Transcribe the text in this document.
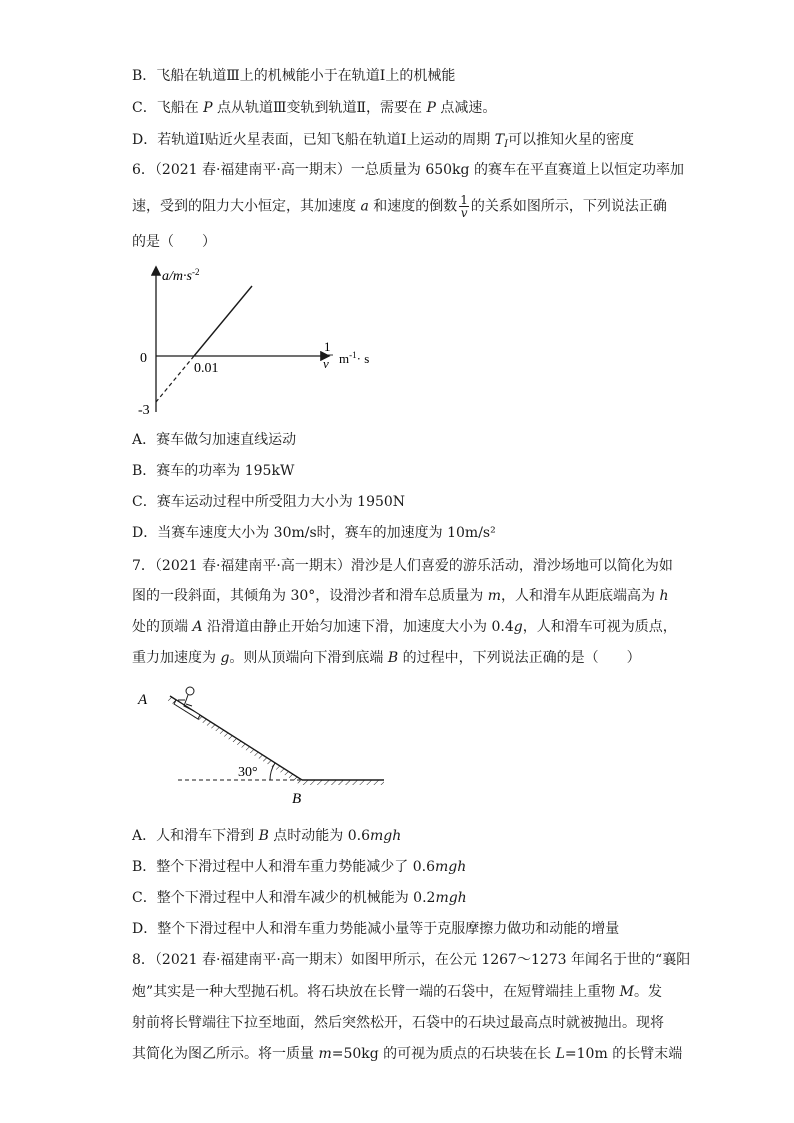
B．飞船在轨道Ⅲ上的机械能小于在轨道Ⅰ上的机械能
C．飞船在 P 点从轨道Ⅲ变轨到轨道Ⅱ，需要在 P 点减速。
D．若轨道Ⅰ贴近火星表面，已知飞船在轨道Ⅰ上运动的周期 $T_I$可以推知火星的密度
6．（2021 春·福建南平·高一期末）一总质量为 650kg 的赛车在平直赛道上以恒定功率加
速，受到的阻力大小恒定，其加速度 a 和速度的倒数 $\frac{1}{v}$ 的关系如图所示，下列说法正确
的是（　　）
$a/m\cdot s^{-2}$
0
0.01
-3
1
v $m^{-1}\cdot s$
A．赛车做匀加速直线运动
B．赛车的功率为 195kW
C．赛车运动过程中所受阻力大小为 1950N
D．当赛车速度大小为 30m/s时，赛车的加速度为 10m/s²
7．（2021 春·福建南平·高一期末）滑沙是人们喜爱的游乐活动，滑沙场地可以简化为如
图的一段斜面，其倾角为 30°，设滑沙者和滑车总质量为 m，人和滑车从距底端高为 h
处的顶端 A 沿滑道由静止开始匀加速下滑，加速度大小为 0.4g，人和滑车可视为质点，
重力加速度为 g。则从顶端向下滑到底端 B 的过程中，下列说法正确的是（　　）
30°
A
B
A．人和滑车下滑到 B 点时动能为 0.6mgh
B．整个下滑过程中人和滑车重力势能减少了 0.6mgh
C．整个下滑过程中人和滑车减少的机械能为 0.2mgh
D．整个下滑过程中人和滑车重力势能减小量等于克服摩擦力做功和动能的增量
8．（2021 春·福建南平·高一期末）如图甲所示，在公元 1267～1273 年闻名于世的“襄阳
炮”其实是一种大型抛石机。将石块放在长臂一端的石袋中，在短臂端挂上重物 M。发
射前将长臂端往下拉至地面，然后突然松开，石袋中的石块过最高点时就被抛出。现将
其简化为图乙所示。将一质量 m=50kg 的可视为质点的石块装在长 L=10m 的长臂末端
